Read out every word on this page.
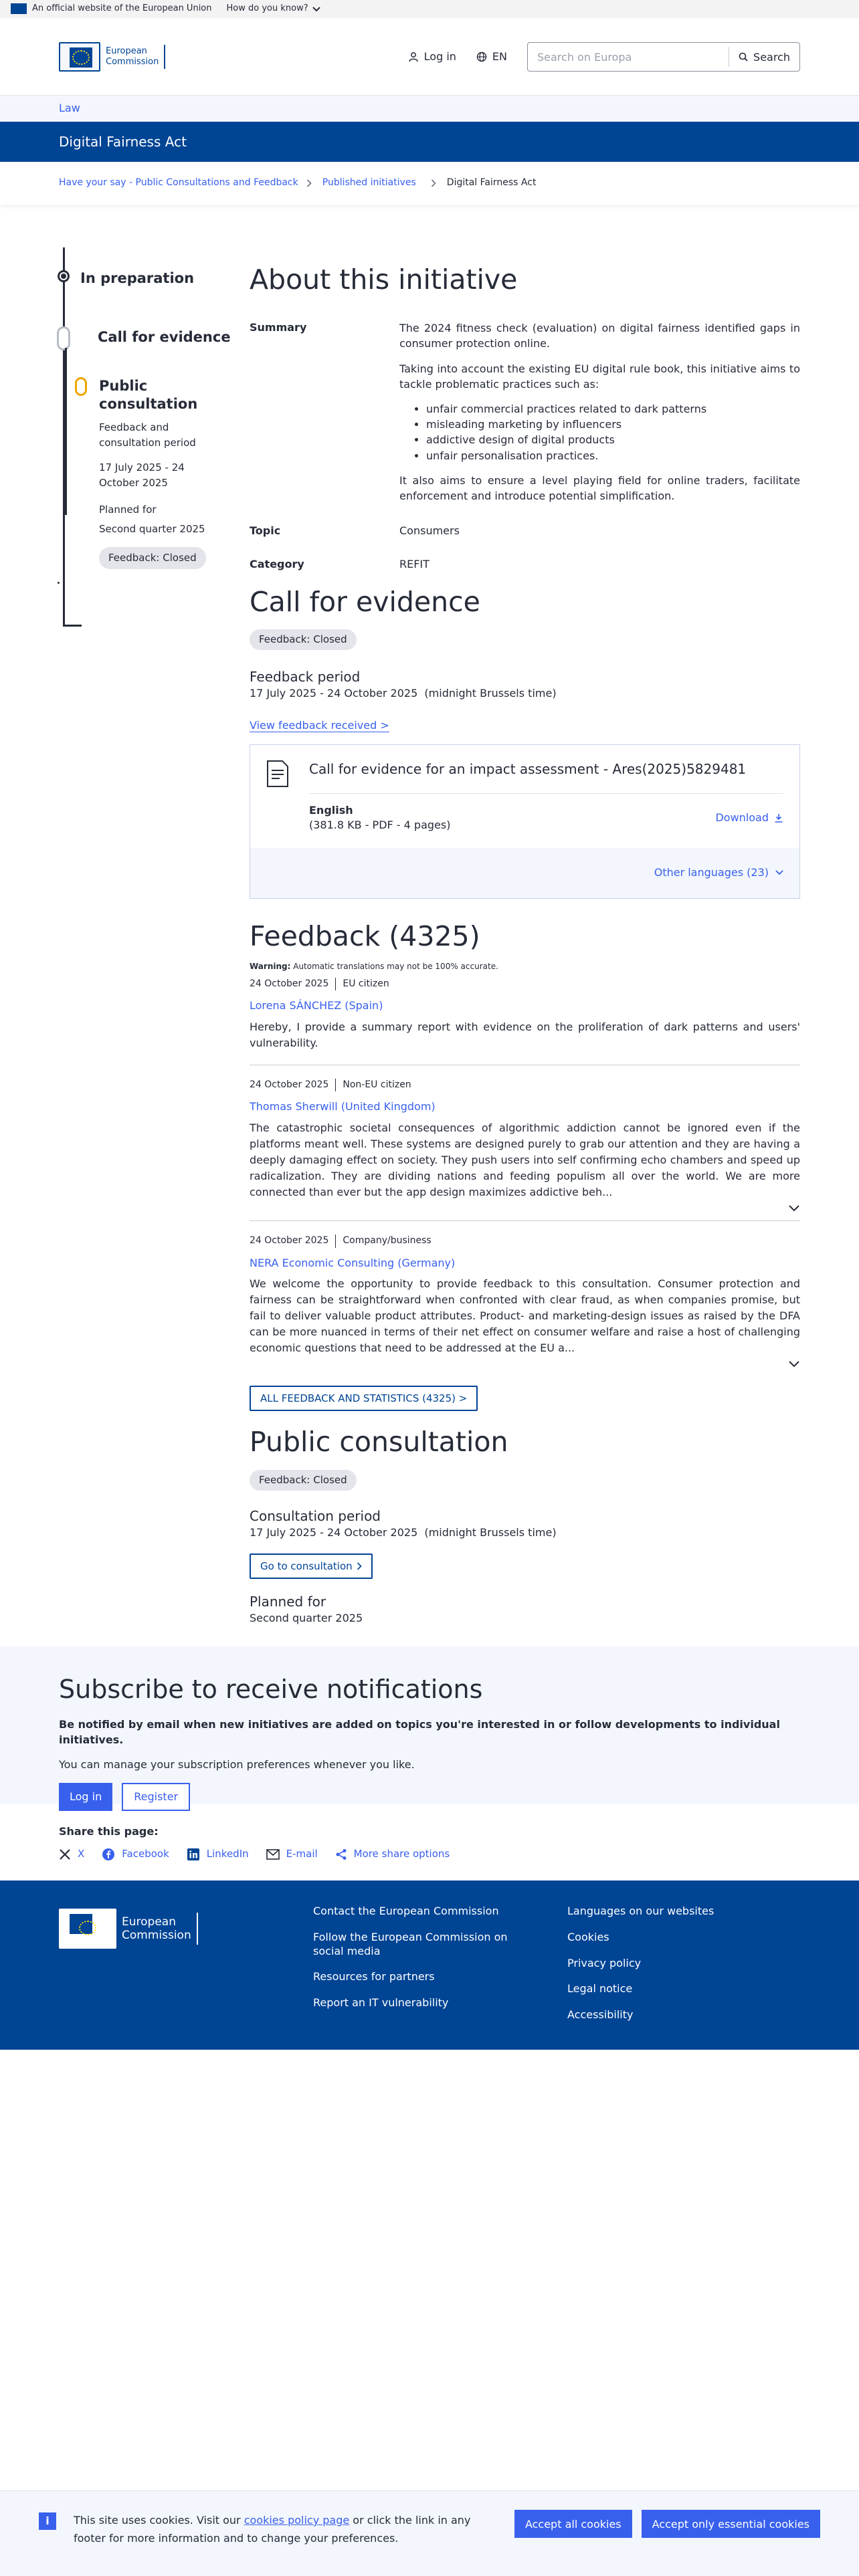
An official website of the European Union How do you know?
European
Commission	Log in	EN
Search on Europa	Search
Law
Digital Fairness Act
Have your say - Public Consultations and Feedback	Published initiatives	Digital Fairness Act
In preparation
Call for evidence
Public
consultation
Feedback and
consultation period
17 July 2025 - 24
October 2025
Planned for
Second quarter 2025
Feedback: Closed
About this initiative
Summary	The 2024 fitness check (evaluation) on digital fairness identified gaps in consumer protection online.

Taking into account the existing EU digital rule book, this initiative aims to tackle problematic practices such as:

• unfair commercial practices related to dark patterns
• misleading marketing by influencers
• addictive design of digital products
• unfair personalisation practices.

It also aims to ensure a level playing field for online traders, facilitate enforcement and introduce potential simplification.

Topic	Consumers
Category	REFIT
Call for evidence
Feedback: Closed
Feedback period
17 July 2025 - 24 October 2025  (midnight Brussels time)
View feedback received >
Call for evidence for an impact assessment - Ares(2025)5829481
English
(381.8 KB - PDF - 4 pages)
Download
Other languages (23)
Feedback (4325)
Warning: Automatic translations may not be 100% accurate.
24 October 2025 EU citizen
Lorena SÁNCHEZ (Spain)
Hereby, I provide a summary report with evidence on the proliferation of dark patterns and users' vulnerability.
24 October 2025 Non-EU citizen
Thomas Sherwill (United Kingdom)
The catastrophic societal consequences of algorithmic addiction cannot be ignored even if the platforms meant well. These systems are designed purely to grab our attention and they are having a deeply damaging effect on society. They push users into self confirming echo chambers and speed up radicalization. They are dividing nations and feeding populism all over the world. We are more connected than ever but the app design maximizes addictive beh...
24 October 2025 Company/business
NERA Economic Consulting (Germany)
We welcome the opportunity to provide feedback to this consultation. Consumer protection and fairness can be straightforward when confronted with clear fraud, as when companies promise, but fail to deliver valuable product attributes. Product- and marketing-design issues as raised by the DFA can be more nuanced in terms of their net effect on consumer welfare and raise a host of challenging economic questions that need to be addressed at the EU a...
ALL FEEDBACK AND STATISTICS (4325) >
Public consultation
Feedback: Closed
Consultation period
17 July 2025 - 24 October 2025  (midnight Brussels time)
Go to consultation
Planned for
Second quarter 2025
Subscribe to receive notifications
Be notified by email when new initiatives are added on topics you're interested in or follow developments to individual initiatives.
You can manage your subscription preferences whenever you like.
Log in	Register
Share this page:
X	Facebook	LinkedIn	E-mail	More share options
European
Commission
Contact the European Commission
Follow the European Commission on social media
Resources for partners
Report an IT vulnerability
Languages on our websites
Cookies
Privacy policy
Legal notice
Accessibility
i	This site uses cookies. Visit our cookies policy page or click the link in any footer for more information and to change your preferences.
Accept all cookies	Accept only essential cookies
